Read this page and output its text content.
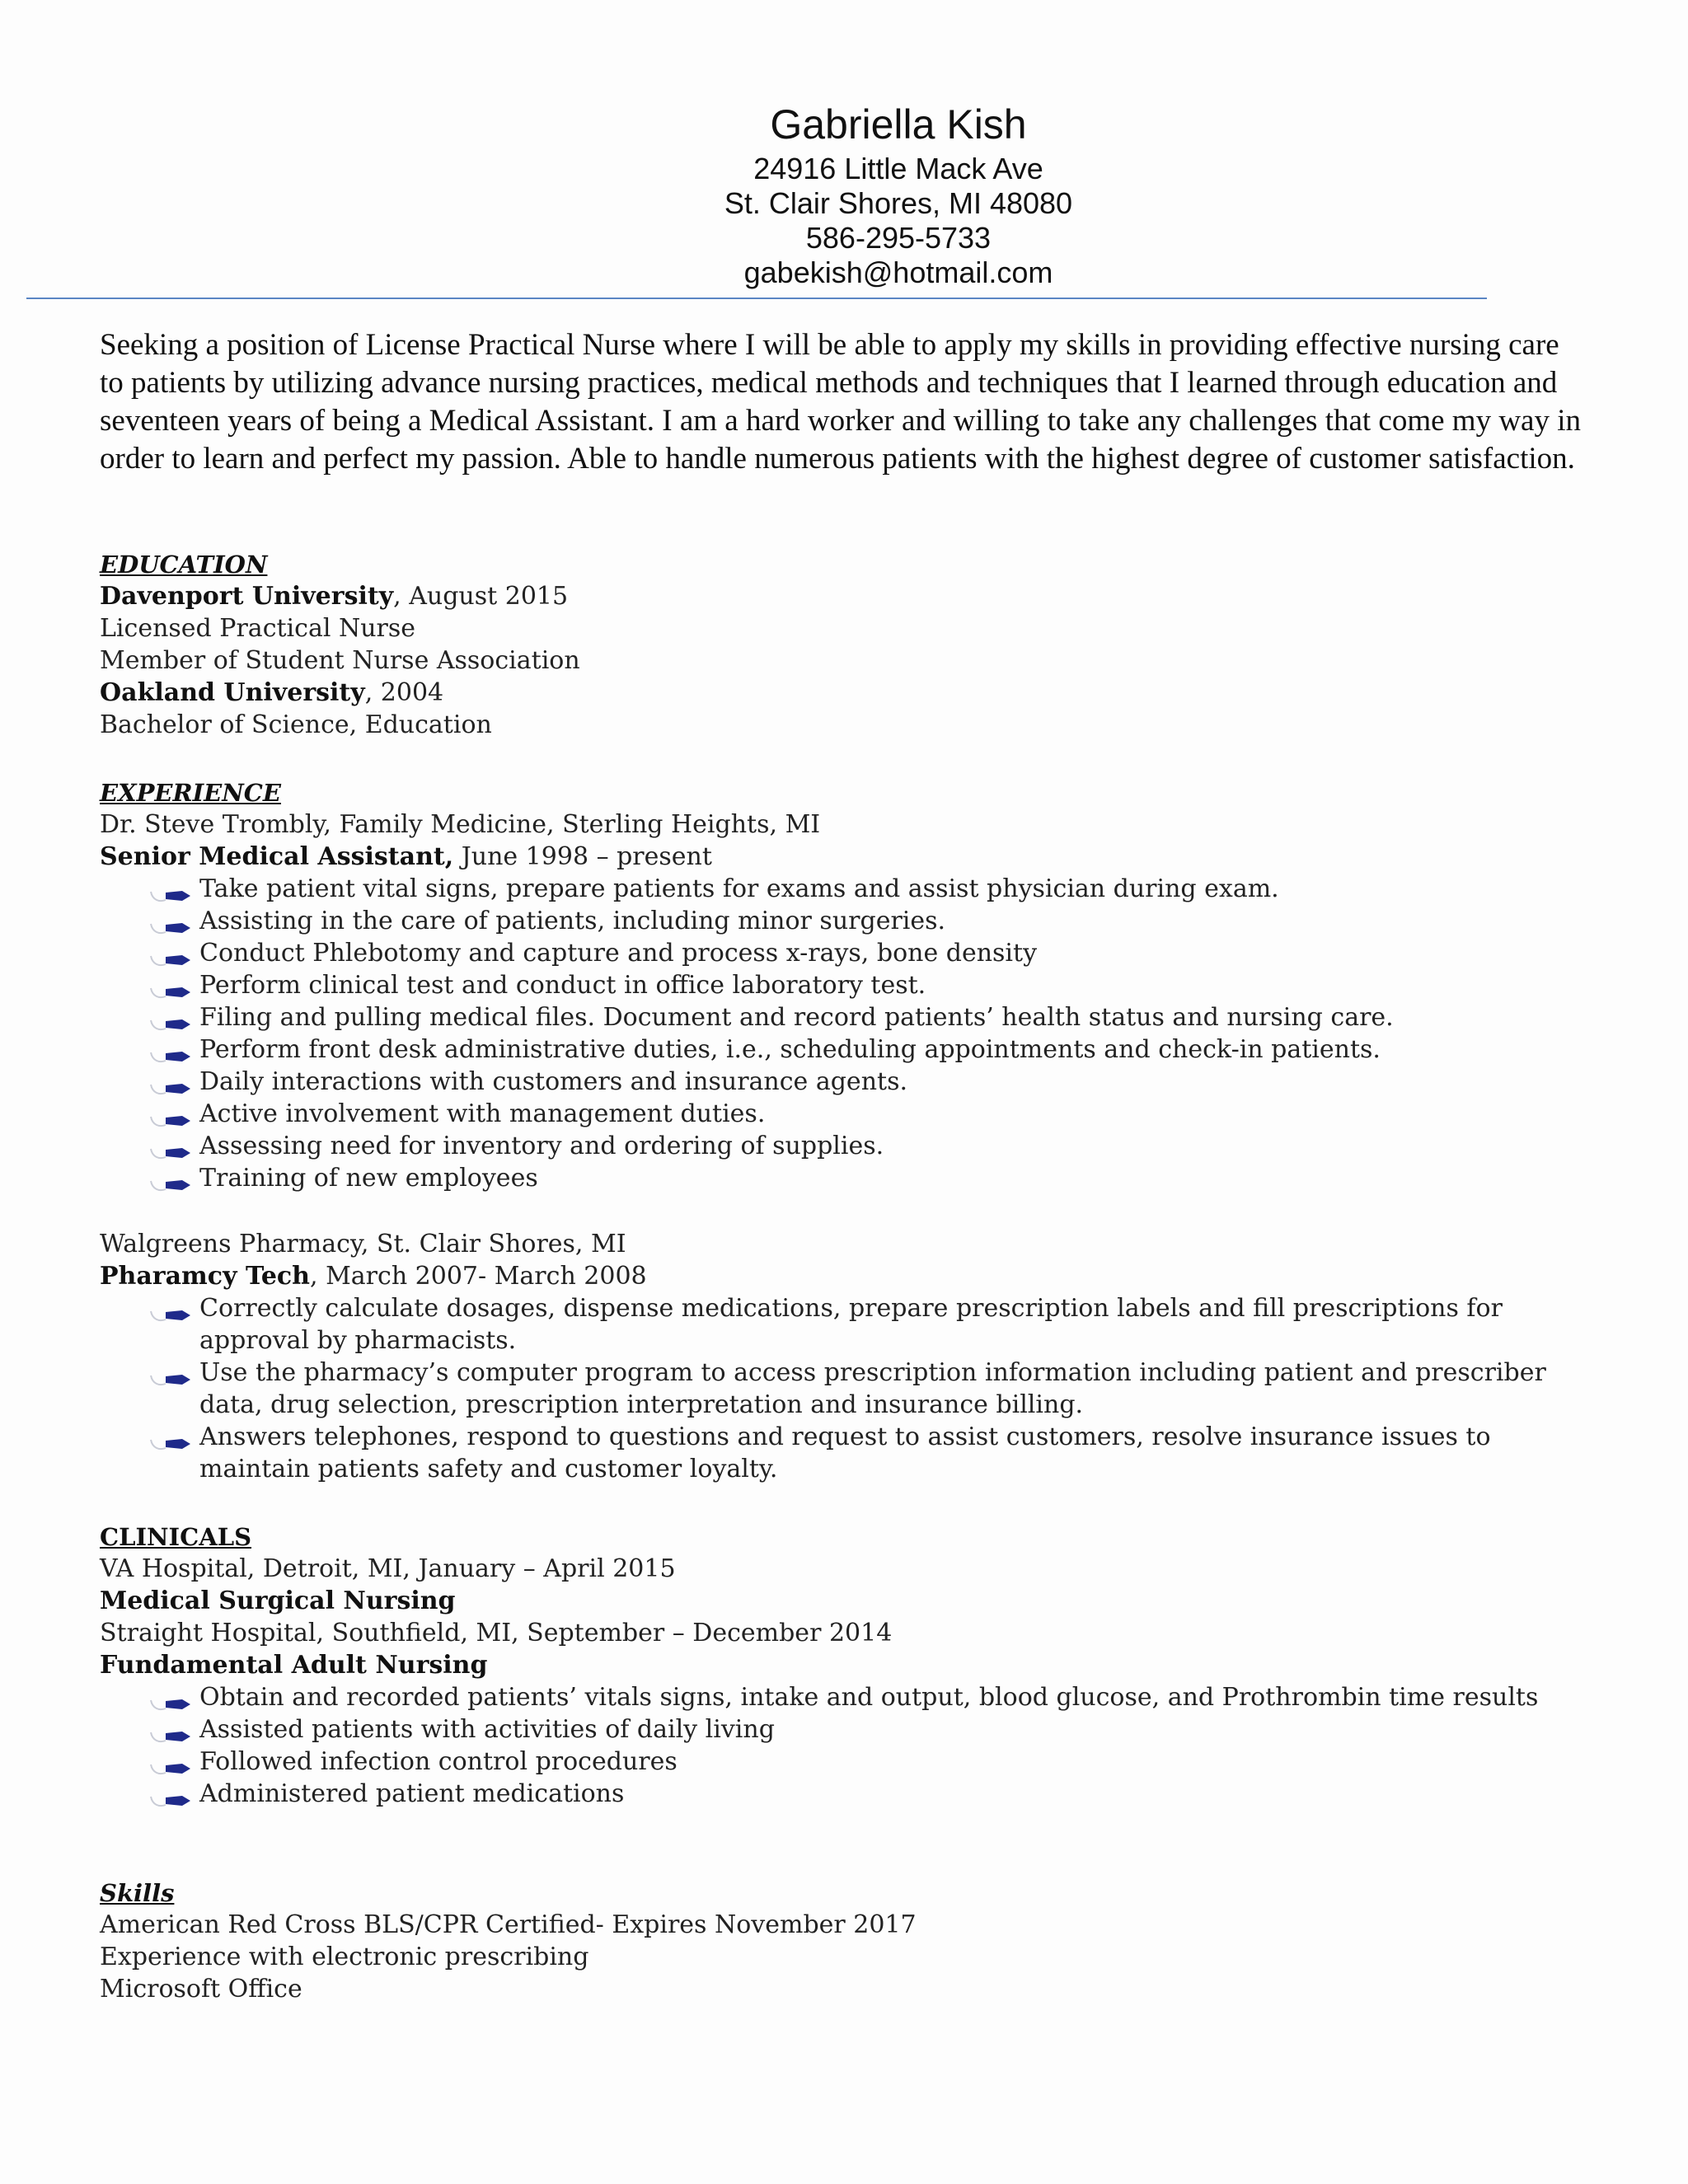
Gabriella Kish
24916 Little Mack Ave
St. Clair Shores, MI 48080
586-295-5733
gabekish@hotmail.com
Seeking a position of License Practical Nurse where I will be able to apply my skills in providing effective nursing care to patients by utilizing advance nursing practices, medical methods and techniques that I learned through education and seventeen years of being a Medical Assistant. I am a hard worker and willing to take any challenges that come my way in order to learn and perfect my passion. Able to handle numerous patients with the highest degree of customer satisfaction.
EDUCATION
Davenport University, August 2015
Licensed Practical Nurse
Member of Student Nurse Association
Oakland University, 2004
Bachelor of Science, Education
EXPERIENCE
Dr. Steve Trombly, Family Medicine, Sterling Heights, MI
Senior Medical Assistant, June 1998 – present
Take patient vital signs, prepare patients for exams and assist physician during exam.
Assisting in the care of patients, including minor surgeries.
Conduct Phlebotomy and capture and process x-rays, bone density
Perform clinical test and conduct in office laboratory test.
Filing and pulling medical files. Document and record patients’ health status and nursing care.
Perform front desk administrative duties, i.e., scheduling appointments and check-in patients.
Daily interactions with customers and insurance agents.
Active involvement with management duties.
Assessing need for inventory and ordering of supplies.
Training of new employees
Walgreens Pharmacy, St. Clair Shores, MI
Pharamcy Tech, March 2007- March 2008
Correctly calculate dosages, dispense medications, prepare prescription labels and fill prescriptions for approval by pharmacists.
Use the pharmacy’s computer program to access prescription information including patient and prescriber data, drug selection, prescription interpretation and insurance billing.
Answers telephones, respond to questions and request to assist customers, resolve insurance issues to maintain patients safety and customer loyalty.
CLINICALS
VA Hospital, Detroit, MI, January – April 2015
Medical Surgical Nursing
Straight Hospital, Southfield, MI, September – December 2014
Fundamental Adult Nursing
Obtain and recorded patients’ vitals signs, intake and output, blood glucose, and Prothrombin time results
Assisted patients with activities of daily living
Followed infection control procedures
Administered patient medications
Skills
American Red Cross BLS/CPR Certified- Expires November 2017
Experience with electronic prescribing
Microsoft Office
